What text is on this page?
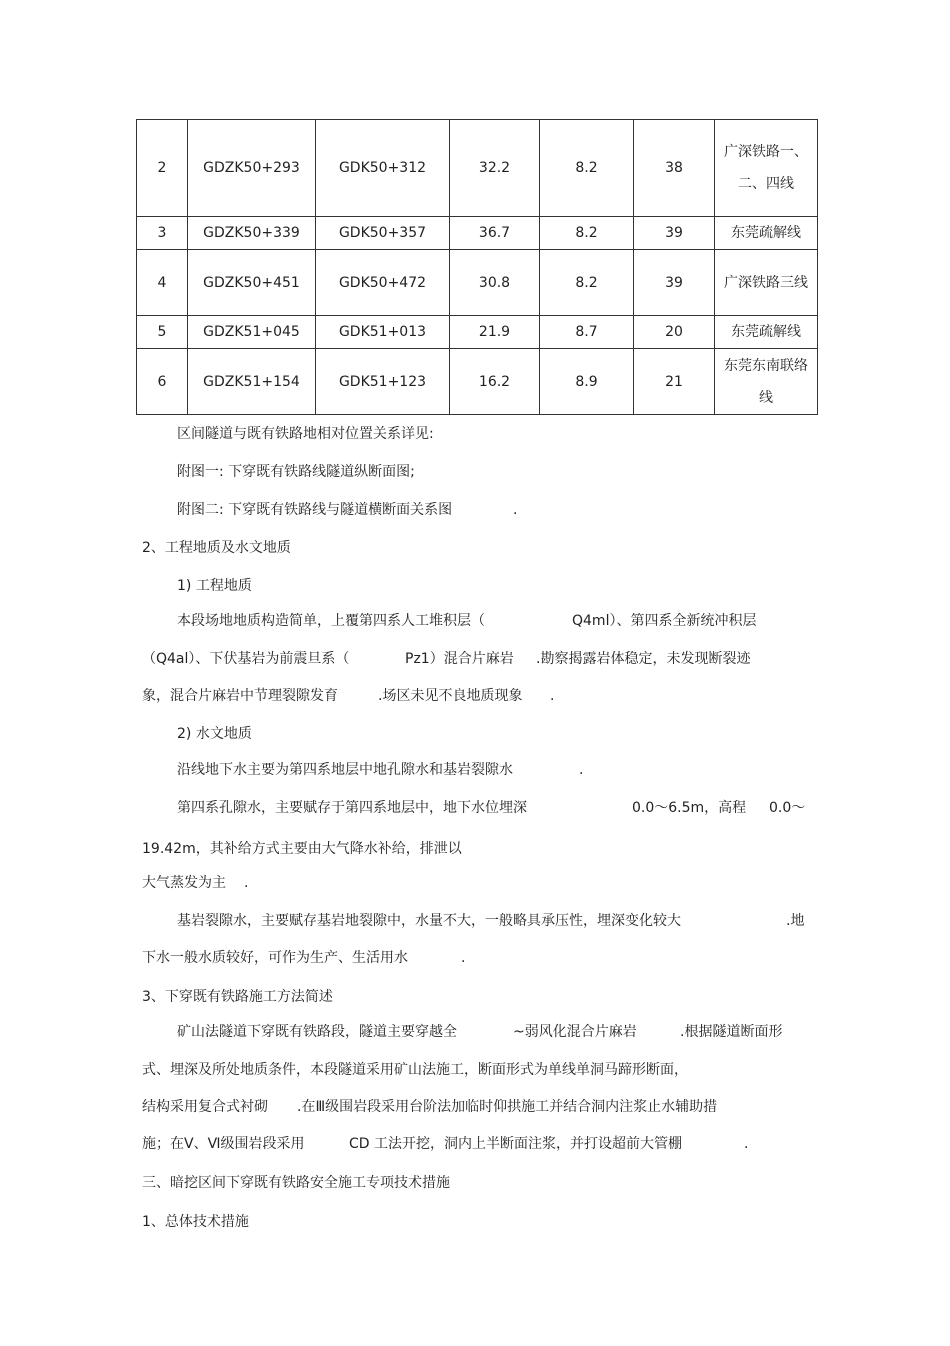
2	GDZK50+293	GDK50+312	32.2	8.2	38	广深铁路一、二、四线
3	GDZK50+339	GDK50+357	36.7	8.2	39	东莞疏解线
4	GDZK50+451	GDK50+472	30.8	8.2	39	广深铁路三线
5	GDZK51+045	GDK51+013	21.9	8.7	20	东莞疏解线
6	GDZK51+154	GDK51+123	16.2	8.9	21	东莞东南联络线
区间隧道与既有铁路地相对位置关系详见:
附图一: 下穿既有铁路线隧道纵断面图;
附图二: 下穿既有铁路线与隧道横断面关系图	.
2、工程地质及水文地质
1) 工程地质
本段场地地质构造简单，上覆第四系人工堆积层（	Q4ml）、第四系全新统冲积层
（Q4al）、下伏基岩为前震旦系（	Pz1）混合片麻岩 .勘察揭露岩体稳定，未发现断裂迹
象，混合片麻岩中节理裂隙发育	.场区未见不良地质现象 .
2) 水文地质
沿线地下水主要为第四系地层中地孔隙水和基岩裂隙水	.
第四系孔隙水，主要赋存于第四系地层中，地下水位埋深	0.0～6.5m，高程 0.0～
19.42m，其补给方式主要由大气降水补给，排泄以
大气蒸发为主 .
基岩裂隙水，主要赋存基岩地裂隙中，水量不大，一般略具承压性，埋深变化较大	.地
下水一般水质较好，可作为生产、生活用水	.
3、下穿既有铁路施工方法简述
矿山法隧道下穿既有铁路段，隧道主要穿越全	~弱风化混合片麻岩	.根据隧道断面形
式、埋深及所处地质条件，本段隧道采用矿山法施工，断面形式为单线单洞马蹄形断面，
结构采用复合式衬砌 .在Ⅲ级围岩段采用台阶法加临时仰拱施工并结合洞内注浆止水辅助措
施；在Ⅴ、Ⅵ级围岩段采用	CD 工法开挖，洞内上半断面注浆，并打设超前大管棚	.
三、暗挖区间下穿既有铁路安全施工专项技术措施
1、总体技术措施
